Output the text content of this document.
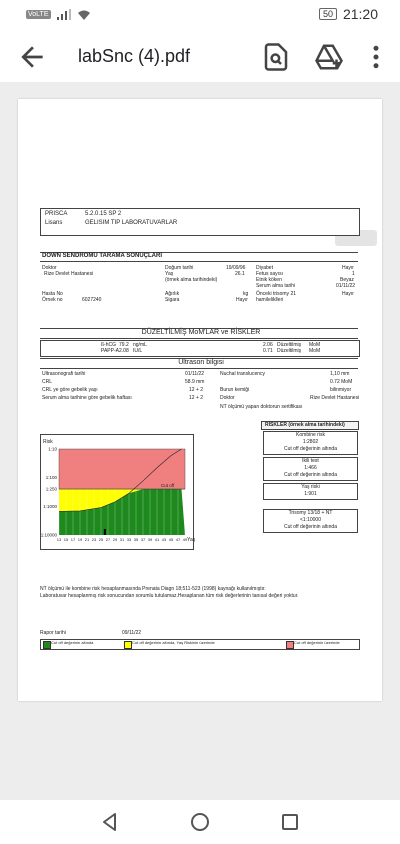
VoLTE	50 21:20
labSnc (4).pdf
PRISCA	5.2.0.15 SP 2
Lisans	GELISIM TIP LABORATUVARLAR
DOWN SENDROMU TARAMA SONUÇLARI
Doktor
Rize Devlet Hastanesi
Doğum tarihi	19/09/96 Diyabet	Hayır
Yaş	26.1 Fetus sayısı	1
(örnek alma tarihindeki)	Etnik köken	Beyaz
Serum alma tarihi	01/11/22
Hasta No
Örnek no	6027240
Ağırlık	kg Önceki trisomy 21	Hayır
Sigara	Hayır hamileliklleri
DÜZELTİLMİŞ MoM'LAR ve RİSKLER
ß-hCG 79.2 ng/mL	2.06 Düzeltilmiş MoM
PAPP-A 2.08 IU/L	0.71 Düzeltilmiş MoM
Ultrason bilgisi
Ultrasonografi tarihi	01/11/22	Nuchal translucency	1,10 mm
CRL	58.9 mm	0.72 MoM
CRL ye göre gebelik yaşı	12 + 2	Burun kemiği	bilinmiyor
Serum alma tarihine göre gebelik haftası	12 + 2	Doktor	Rize Devlet Hastanesi
NT ölçümü yapan doktorun sertifikası
Cut off
1:10
1:100
1:250
1:1000
1:10000
13 15 17 19 21 23 25 27 29 31 33 35 37 39 41 43 45 47 49
Risk
Yaş
RİSKLER (örnek alma tarihindeki)
Kombine risk
1:2802
Cut off değerinin altında
İkili test
1:466
Cut off değerinin altında
Yaş riski
1:901
Trisomy 13/18 + NT
<1:10000
Cut off değerinin altında
NT ölçümü ile kombine risk hesaplanmasında Prenata Diagn 18;511-523 (1998) kaynağı kullanılmıştır.
Laboratuvar hesaplanmış risk sonucundan sorumlu tutulamaz.Hesaplanan tüm risk değerlerinin tanısal değeri yoktur.
Rapor tarihi	09/11/22
Cut off değerinin altında	Cut off değerinin altında, Yaş Riskinin üzerinde	Cut off değerinin üzerinde
